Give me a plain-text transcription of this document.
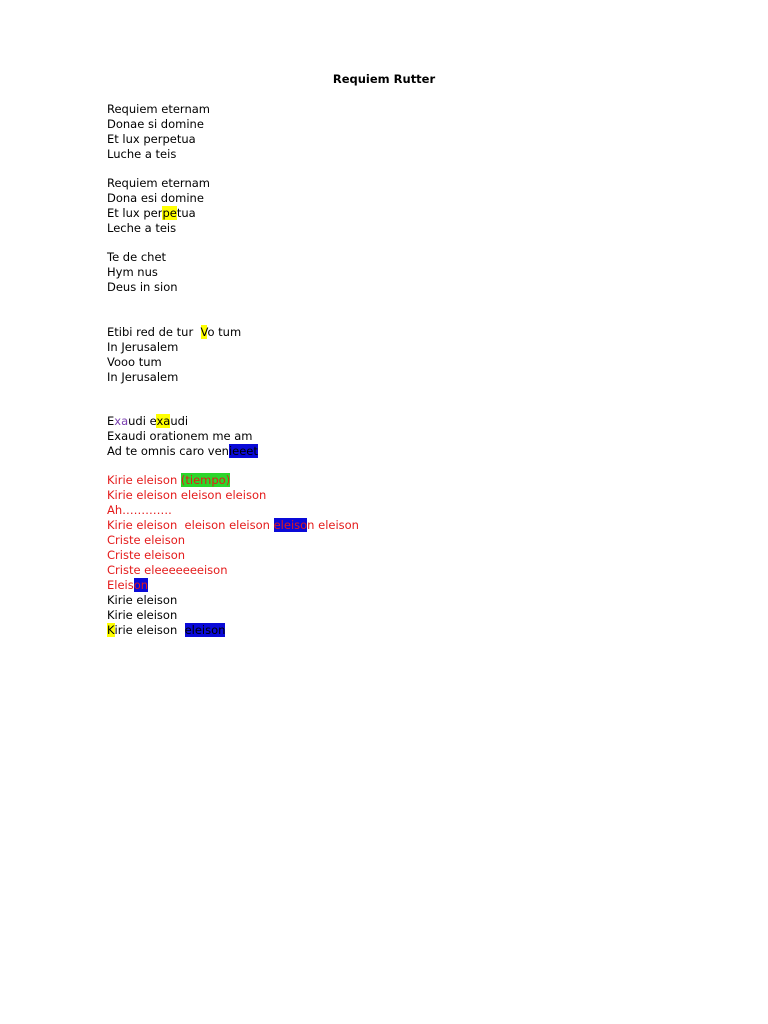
Requiem Rutter
Requiem eternam
Donae si domine
Et lux perpetua
Luche a teis
Requiem eternam
Dona esi domine
Et lux perpetua
Leche a teis
Te de chet
Hym nus
Deus in sion
Etibi red de tur  Vo tum
In Jerusalem
Vooo tum
In Jerusalem
Exaudi exaudi
Exaudi orationem me am
Ad te omnis caro venieeet
Kirie eleison (tiempo)
Kirie eleison eleison eleison
Ah………….
Kirie eleison  eleison eleison eleison eleison
Criste eleison
Criste eleison
Criste eleeeeeeeison
Eleison
Kirie eleison
Kirie eleison
Kirie eleison  eleison
